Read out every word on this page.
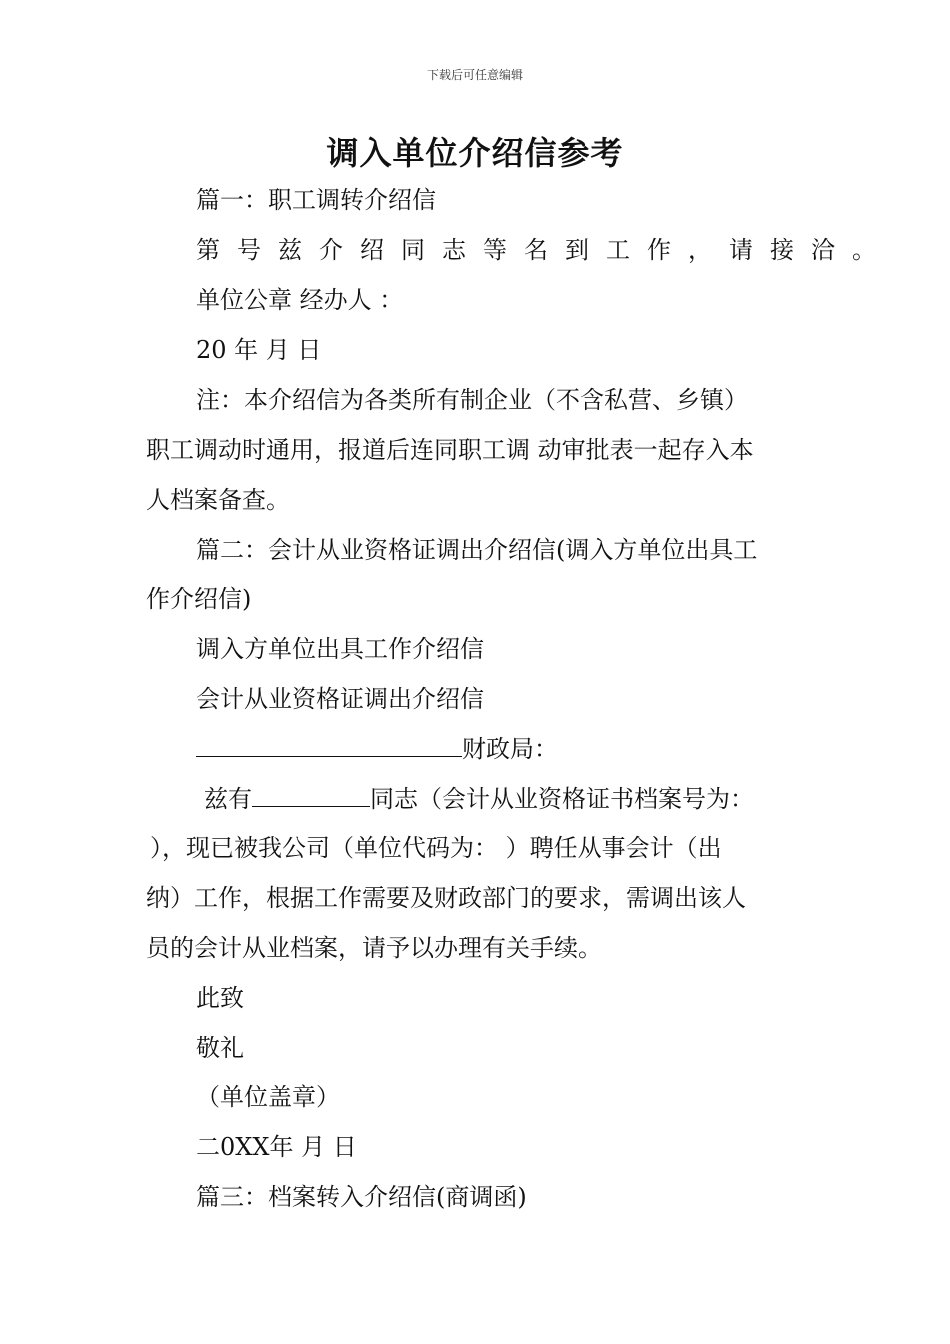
下载后可任意编辑
调入单位介绍信参考
篇一：职工调转介绍信
第号兹介绍同志等名到工作，请接洽。
单位公章 经办人 ：
20 年 月 日
注：本介绍信为各类所有制企业（不含私营、乡镇）
职工调动时通用，报道后连同职工调 动审批表一起存入本
人档案备查。
篇二：会计从业资格证调出介绍信(调入方单位出具工
作介绍信)
调入方单位出具工作介绍信
会计从业资格证调出介绍信
财政局：
兹有	同志（会计从业资格证书档案号为：
），现已被我公司（单位代码为： ）聘任从事会计（出
纳）工作，根据工作需要及财政部门的要求，需调出该人
员的会计从业档案，请予以办理有关手续。
此致
敬礼
（单位盖章）
二0XX年 月 日
篇三：档案转入介绍信(商调函)
